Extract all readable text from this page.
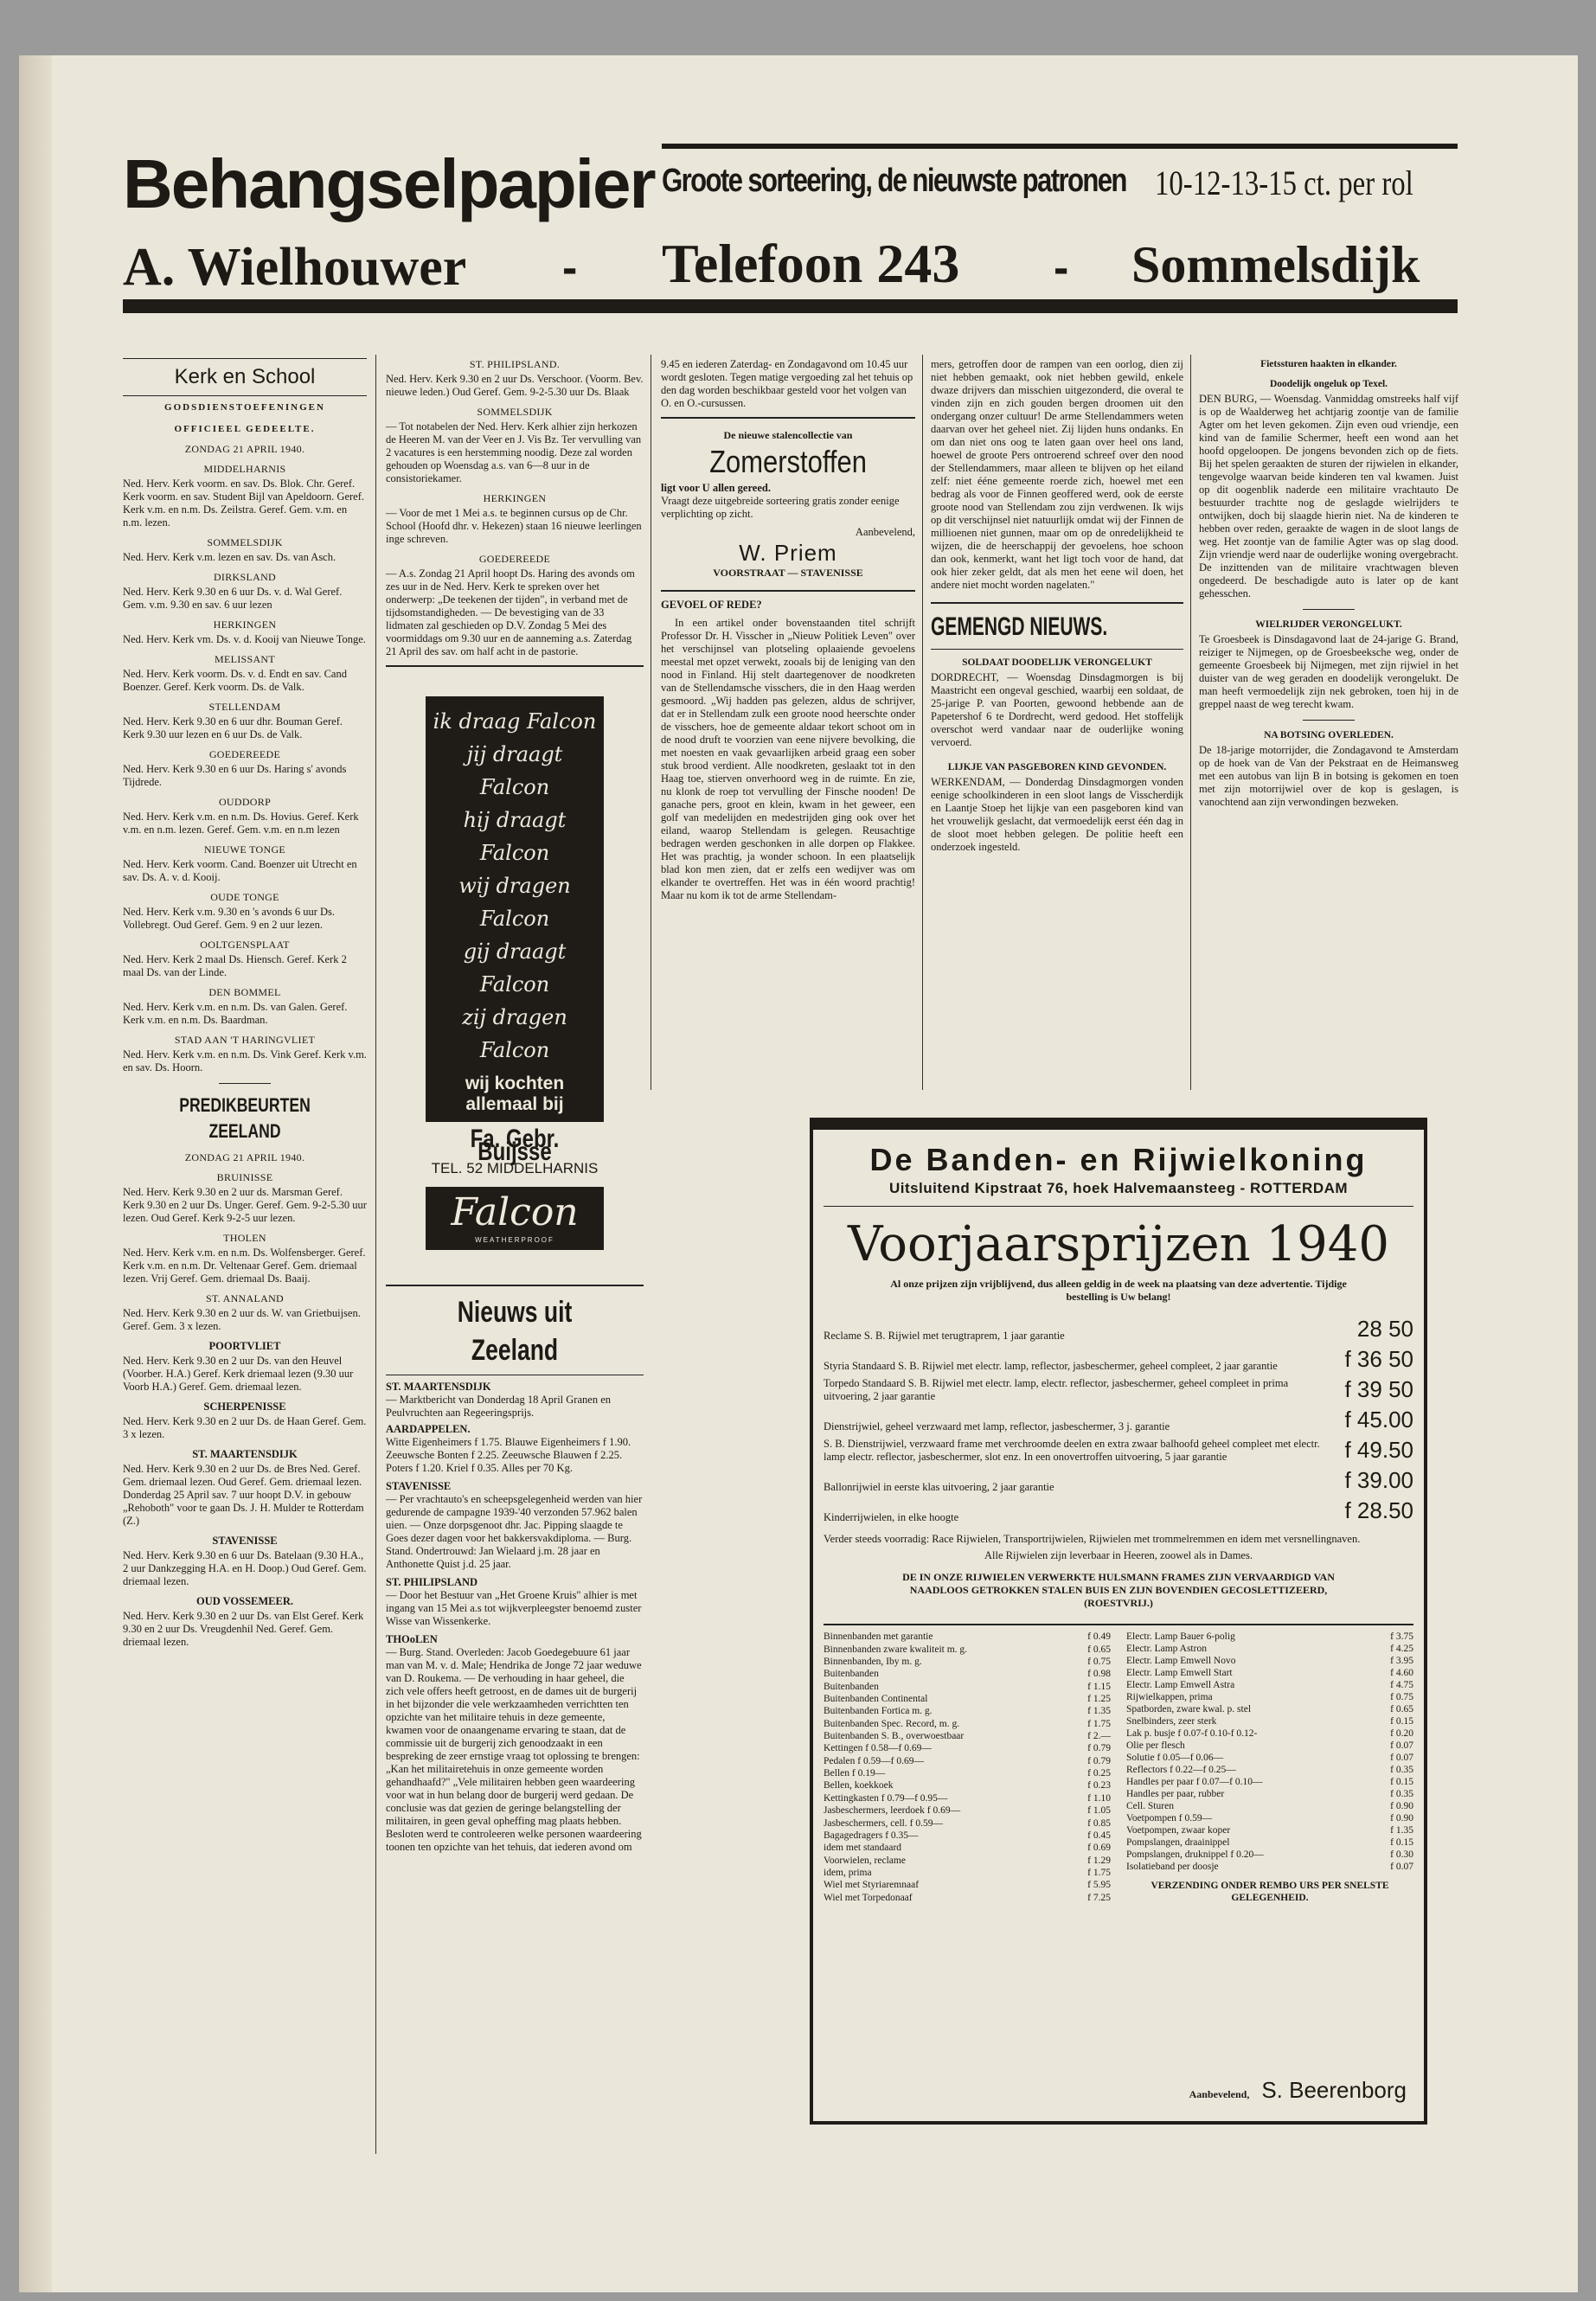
Behangselpapier Groote sorteering, de nieuwste patronen 10-12-13-15 ct. per rol
A. Wielhouwer - Telefoon 243 - Sommelsdijk
Kerk en School
GODSDIENSTOEFENINGEN
OFFICIEEL GEDEELTE.
ZONDAG 21 APRIL 1940.
MIDDELHARNIS

Ned. Herv. Kerk voorm. en sav. Ds. Blok. Chr. Geref. Kerk voorm. en sav. Student Bijl van Apeldoorn. Geref. Kerk v.m. en n.m. Ds. Zeilstra. Geref. Gem. v.m. en n.m. lezen.

SOMMELSDIJK

Ned. Herv. Kerk v.m. lezen en sav. Ds. van Asch.

DIRKSLAND

Ned. Herv. Kerk 9.30 en 6 uur Ds. v. d. Wal Geref. Gem. v.m. 9.30 en sav. 6 uur lezen

HERKINGEN

Ned. Herv. Kerk vm. Ds. v. d. Kooij van Nieuwe Tonge.

MELISSANT

Ned. Herv. Kerk voorm. Ds. v. d. Endt en sav. Cand Boenzer. Geref. Kerk voorm. Ds. de Valk.

STELLENDAM

Ned. Herv. Kerk 9.30 en 6 uur dhr. Bouman Geref. Kerk 9.30 uur lezen en 6 uur Ds. de Valk.

GOEDEREEDE

Ned. Herv. Kerk 9.30 en 6 uur Ds. Haring s' avonds Tijdrede.

OUDDORP

Ned. Herv. Kerk v.m. en n.m. Ds. Hovius. Geref. Kerk v.m. en n.m. lezen. Geref. Gem. v.m. en n.m lezen

NIEUWE TONGE

Ned. Herv. Kerk voorm. Cand. Boenzer uit Utrecht en sav. Ds. A. v. d. Kooij.

OUDE TONGE

Ned. Herv. Kerk v.m. 9.30 en 's avonds 6 uur Ds. Vollebregt. Oud Geref. Gem. 9 en 2 uur lezen.

OOLTGENSPLAAT

Ned. Herv. Kerk 2 maal Ds. Hiensch. Geref. Kerk 2 maal Ds. van der Linde.

DEN BOMMEL

Ned. Herv. Kerk v.m. en n.m. Ds. van Galen. Geref. Kerk v.m. en n.m. Ds. Baardman.

STAD AAN 'T HARINGVLIET

Ned. Herv. Kerk v.m. en n.m. Ds. Vink Geref. Kerk v.m. en sav. Ds. Hoorn.

PREDIKBEURTEN ZEELAND
ZONDAG 21 APRIL 1940.
BRUINISSE

Ned. Herv. Kerk 9.30 en 2 uur ds. Marsman Geref. Kerk 9.30 en 2 uur Ds. Unger. Geref. Gem. 9-2-5.30 uur lezen. Oud Geref. Kerk 9-2-5 uur lezen.

THOLEN

Ned. Herv. Kerk v.m. en n.m. Ds. Wolfensberger. Geref. Kerk v.m. en n.m. Dr. Veltenaar Geref. Gem. driemaal lezen. Vrij Geref. Gem. driemaal Ds. Baaij.

ST. ANNALAND

Ned. Herv. Kerk 9.30 en 2 uur ds. W. van Grietbuijsen. Geref. Gem. 3 x lezen.

POORTVLIET

Ned. Herv. Kerk 9.30 en 2 uur Ds. van den Heuvel (Voorber. H.A.) Geref. Kerk driemaal lezen (9.30 uur Voorb H.A.) Geref. Gem. driemaal lezen.

SCHERPENISSE

Ned. Herv. Kerk 9.30 en 2 uur Ds. de Haan Geref. Gem. 3 x lezen.

ST. MAARTENSDIJK

Ned. Herv. Kerk 9.30 en 2 uur Ds. de Bres Ned. Geref. Gem. driemaal lezen. Oud Geref. Gem. driemaal lezen. Donderdag 25 April sav. 7 uur hoopt D.V. in gebouw „Rehoboth" voor te gaan Ds. J. H. Mulder te Rotterdam (Z.)

STAVENISSE

Ned. Herv. Kerk 9.30 en 6 uur Ds. Batelaan (9.30 H.A., 2 uur Dankzegging H.A. en H. Doop.) Oud Geref. Gem. driemaal lezen.

OUD VOSSEMEER.

Ned. Herv. Kerk 9.30 en 2 uur Ds. van Elst Geref. Kerk 9.30 en 2 uur Ds. Vreugdenhil Ned. Geref. Gem. driemaal lezen.

ST. PHILIPSLAND.

Ned. Herv. Kerk 9.30 en 2 uur Ds. Verschoor. (Voorm. Bev. nieuwe leden.) Oud Geref. Gem. 9-2-5.30 uur Ds. Blaak

SOMMELSDIJK

— Tot notabelen der Ned. Herv. Kerk alhier zijn herkozen de Heeren M. van der Veer en J. Vis Bz. Ter vervulling van 2 vacatures is een herstemming noodig. Deze zal worden gehouden op Woensdag a.s. van 6—8 uur in de consistoriekamer.

HERKINGEN

— Voor de met 1 Mei a.s. te beginnen cursus op de Chr. School (Hoofd dhr. v. Hekezen) staan 16 nieuwe leerlingen inge schreven.

GOEDEREEDE

— A.s. Zondag 21 April hoopt Ds. Haring des avonds om zes uur in de Ned. Herv. Kerk te spreken over het onderwerp: „De teekenen der tijden", in verband met de tijdsomstandigheden. — De bevestiging van de 33 lidmaten zal geschieden op D.V. Zondag 5 Mei des voormiddags om 9.30 uur en de aanneming a.s. Zaterdag 21 April des sav. om half acht in de pastorie.

ik draag Falcon
jij draagt Falcon
hij draagt Falcon
wij dragen Falcon
gij draagt Falcon
zij dragen Falcon
wij kochten allemaal bij
Fa. Gebr. Buijsse
TEL. 52 MIDDELHARNIS
Falcon
WEATHERPROOF
Nieuws uit Zeeland
ST. MAARTENSDIJK

— Marktbericht van Donderdag 18 April Granen en Peulvruchten aan Regeeringsprijs.

AARDAPPELEN.

Witte Eigenheimers f 1.75. Blauwe Eigenheimers f 1.90. Zeeuwsche Bonten f 2.25. Zeeuwsche Blauwen f 2.25. Poters f 1.20. Kriel f 0.35. Alles per 70 Kg.

STAVENISSE

— Per vrachtauto's en scheepsgelegenheid werden van hier gedurende de campagne 1939-'40 verzonden 57.962 balen uien. — Onze dorpsgenoot dhr. Jac. Pipping slaagde te Goes dezer dagen voor het bakkersvakdiploma. — Burg. Stand. Ondertrouwd: Jan Wielaard j.m. 28 jaar en Anthonette Quist j.d. 25 jaar.

ST. PHILIPSLAND

— Door het Bestuur van „Het Groene Kruis" alhier is met ingang van 15 Mei a.s tot wijkverpleegster benoemd zuster Wisse van Wissenkerke.

THOoLEN

— Burg. Stand. Overleden: Jacob Goedegebuure 61 jaar man van M. v. d. Male; Hendrika de Jonge 72 jaar weduwe van D. Roukema. — De verhouding in haar geheel, die zich vele offers heeft getroost, en de dames uit de burgerij in het bijzonder die vele werkzaamheden verrichtten ten opzichte van het militaire tehuis in deze gemeente, kwamen voor de onaangename ervaring te staan, dat de commissie uit de burgerij zich genoodzaakt in een bespreking de zeer ernstige vraag tot oplossing te brengen: „Kan het militairetehuis in onze gemeente worden gehandhaafd?" „Vele militairen hebben geen waardeering voor wat in hun belang door de burgerij werd gedaan. De conclusie was dat gezien de geringe belangstelling der militairen, in geen geval opheffing mag plaats hebben. Besloten werd te controleeren welke personen waardeering toonen ten opzichte van het tehuis, dat iederen avond om

9.45 en iederen Zaterdag- en Zondagavond om 10.45 uur wordt gesloten. Tegen matige vergoeding zal het tehuis op den dag worden beschikbaar gesteld voor het volgen van O. en O.-cursussen.

De nieuwe stalencollectie van
Zomerstoffen
ligt voor U allen gereed.

Vraagt deze uitgebreide sorteering gratis zonder eenige verplichting op zicht.

Aanbevelend,
W. Priem
VOORSTRAAT — STAVENISSE
GEVOEL OF REDE?

In een artikel onder bovenstaanden titel schrijft Professor Dr. H. Visscher in „Nieuw Politiek Leven" over het verschijnsel van plotseling oplaaiende gevoelens meestal met opzet verwekt, zooals bij de leniging van den nood in Finland. Hij stelt daartegenover de noodkreten van de Stellendamsche visschers, die in den Haag werden gesmoord. „Wij hadden pas gelezen, aldus de schrijver, dat er in Stellendam zulk een groote nood heerschte onder de visschers, hoe de gemeente aldaar tekort schoot om in de nood druft te voorzien van eene nijvere bevolking, die met noesten en vaak gevaarlijken arbeid graag een sober stuk brood verdient. Alle noodkreten, geslaakt tot in den Haag toe, stierven onverhoord weg in de ruimte. En zie, nu klonk de roep tot vervulling der Finsche nooden! De ganache pers, groot en klein, kwam in het geweer, een golf van medelijden en medestrijden ging ook over het eiland, waarop Stellendam is gelegen. Reusachtige bedragen werden geschonken in alle dorpen op Flakkee. Het was prachtig, ja wonder schoon. In een plaatselijk blad kon men zien, dat er zelfs een wedijver was om elkander te overtreffen. Het was in één woord prachtig! Maar nu kom ik tot de arme Stellendam-

mers, getroffen door de rampen van een oorlog, dien zij niet hebben gemaakt, ook niet hebben gewild, enkele dwaze drijvers dan misschien uitgezonderd, die overal te vinden zijn en zich gouden bergen droomen uit den ondergang onzer cultuur! De arme Stellendammers weten daarvan over het geheel niet. Zij lijden huns ondanks. En om dan niet ons oog te laten gaan over heel ons land, hoewel de groote Pers ontroerend schreef over den nood der Stellendammers, maar alleen te blijven op het eiland zelf: niet ééne gemeente roerde zich, hoewel met een bedrag als voor de Finnen geoffered werd, ook de eerste groote nood van Stellendam zou zijn verdwenen. Ik wijs op dit verschijnsel niet natuurlijk omdat wij der Finnen de millioenen niet gunnen, maar om op de onredelijkheid te wijzen, die de heerschappij der gevoelens, hoe schoon dan ook, kenmerkt, want het ligt toch voor de hand, dat ook hier zeker geldt, dat als men het eene wil doen, het andere niet mocht worden nagelaten."

GEMENGD NIEUWS.
SOLDAAT DOODELIJK VERONGELUKT

DORDRECHT, — Woensdag Dinsdagmorgen is bij Maastricht een ongeval geschied, waarbij een soldaat, de 25-jarige P. van Poorten, gewoond hebbende aan de Papetershof 6 te Dordrecht, werd gedood. Het stoffelijk overschot werd vandaar naar de ouderlijke woning vervoerd.

LIJKJE VAN PASGEBOREN KIND GEVONDEN.

WERKENDAM, — Donderdag Dinsdagmorgen vonden eenige schoolkinderen in een sloot langs de Visscherdijk en Laantje Stoep het lijkje van een pasgeboren kind van het vrouwelijk geslacht, dat vermoedelijk eerst één dag in de sloot moet hebben gelegen. De politie heeft een onderzoek ingesteld.

Fietssturen haakten in elkander.
Doodelijk ongeluk op Texel.

DEN BURG, — Woensdag. Vanmiddag omstreeks half vijf is op de Waalderweg het achtjarig zoontje van de familie Agter om het leven gekomen. Zijn even oud vriendje, een kind van de familie Schermer, heeft een wond aan het hoofd opgeloopen. De jongens bevonden zich op de fiets. Bij het spelen geraakten de sturen der rijwielen in elkander, tengevolge waarvan beide kinderen ten val kwamen. Juist op dit oogenblik naderde een militaire vrachtauto De bestuurder trachtte nog de geslagde wielrijders te ontwijken, doch bij slaagde hierin niet. Na de kinderen te hebben over reden, geraakte de wagen in de sloot langs de weg. Het zoontje van de familie Agter was op slag dood. Zijn vriendje werd naar de ouderlijke woning overgebracht. De inzittenden van de militaire vrachtwagen bleven ongedeerd. De beschadigde auto is later op de kant gehesschen.

WIELRIJDER VERONGELUKT.

Te Groesbeek is Dinsdagavond laat de 24-jarige G. Brand, reiziger te Nijmegen, op de Groesbeeksche weg, onder de gemeente Groesbeek bij Nijmegen, met zijn rijwiel in het duister van de weg geraden en doodelijk verongelukt. De man heeft vermoedelijk zijn nek gebroken, toen hij in de greppel naast de weg terecht kwam.

NA BOTSING OVERLEDEN.

De 18-jarige motorrijder, die Zondagavond te Amsterdam op de hoek van de Van der Pekstraat en de Heimansweg met een autobus van lijn B in botsing is gekomen en toen met zijn motorrijwiel over de kop is geslagen, is vanochtend aan zijn verwondingen bezweken.

De Banden- en Rijwielkoning
Uitsluitend Kipstraat 76, hoek Halvemaansteeg - ROTTERDAM
Voorjaarsprijzen 1940
Al onze prijzen zijn vrijblijvend, dus alleen geldig in de week na plaatsing van deze advertentie. Tijdige bestelling is Uw belang!
Reclame S. B. Rijwiel met terugtraprem, 1 jaar garantie	28 50
Styria Standaard S. B. Rijwiel met electr. lamp, reflector, jasbeschermer, geheel compleet, 2 jaar garantie	f 36 50
Torpedo Standaard S. B. Rijwiel met electr. lamp, electr. reflector, jasbeschermer, geheel compleet in prima uitvoering, 2 jaar garantie	f 39 50
Dienstrijwiel, geheel verzwaard met lamp, reflector, jasbeschermer, 3 j. garantie	f 45.00
S. B. Dienstrijwiel, verzwaard frame met verchroomde deelen en extra zwaar balhoofd geheel compleet met electr. lamp electr. reflector, jasbeschermer, slot enz. In een onovertroffen uitvoering, 5 jaar garantie	f 49.50
Ballonrijwiel in eerste klas uitvoering, 2 jaar garantie	f 39.00
Kinderrijwielen, in elke hoogte	f 28.50

Verder steeds voorradig: Race Rijwielen, Transportrijwielen, Rijwielen met trommelremmen en idem met versnellingnaven.

Alle Rijwielen zijn leverbaar in Heeren, zoowel als in Dames.
DE IN ONZE RIJWIELEN VERWERKTE HULSMANN FRAMES ZIJN VERVAARDIGD VAN NAADLOOS GETROKKEN STALEN BUIS EN ZIJN BOVENDIEN GECOSLETTIZEERD, (ROESTVRIJ.)
Binnenbanden met garantie	f 0.49
Binnenbanden zware kwaliteit m. g.	f 0.65
Binnenbanden, Iby m. g.	f 0.75
Buitenbanden	f 0.98
Buitenbanden	f 1.15
Buitenbanden Continental	f 1.25
Buitenbanden Fortica m. g.	f 1.35
Buitenbanden Spec. Record, m. g.	f 1.75
Buitenbanden S. B., overwoestbaar	f 2.—
Kettingen f 0.58—f 0.69—	f 0.79
Pedalen f 0.59—f 0.69—	f 0.79
Bellen f 0.19—	f 0.25
Bellen, koekkoek	f 0.23
Kettingkasten f 0.79—f 0.95—	f 1.10
Jasbeschermers, leerdoek f 0.69—	f 1.05
Jasbeschermers, cell. f 0.59—	f 0.85
Bagagedragers f 0.35—	f 0.45
idem met standaard	f 0.69
Voorwielen, reclame	f 1.29
idem, prima	f 1.75
Wiel met Styriaremnaaf	f 5.95
Wiel met Torpedonaaf	f 7.25
Electr. Lamp Bauer 6-polig	f 3.75
Electr. Lamp Astron	f 4.25
Electr. Lamp Emwell Novo	f 3.95
Electr. Lamp Emwell Start	f 4.60
Electr. Lamp Emwell Astra	f 4.75
Rijwielkappen, prima	f 0.75
Spatborden, zware kwal. p. stel	f 0.65
Snelbinders, zeer sterk	f 0.15
Lak p. busje f 0.07-f 0.10-f 0.12-	f 0.20
Olie per flesch	f 0.07
Solutie f 0.05—f 0.06—	f 0.07
Reflectors f 0.22—f 0.25—	f 0.35
Handles per paar f 0.07—f 0.10—	f 0.15
Handles per paar, rubber	f 0.35
Cell. Sturen	f 0.90
Voetpompen f 0.59—	f 0.90
Voetpompen, zwaar koper	f 1.35
Pompslangen, draainippel	f 0.15
Pompslangen, druknippel f 0.20—	f 0.30
Isolatieband per doosje	f 0.07
VERZENDING ONDER REMBO URS PER SNELSTE GELEGENHEID.
Aanbevelend, S. Beerenborg
